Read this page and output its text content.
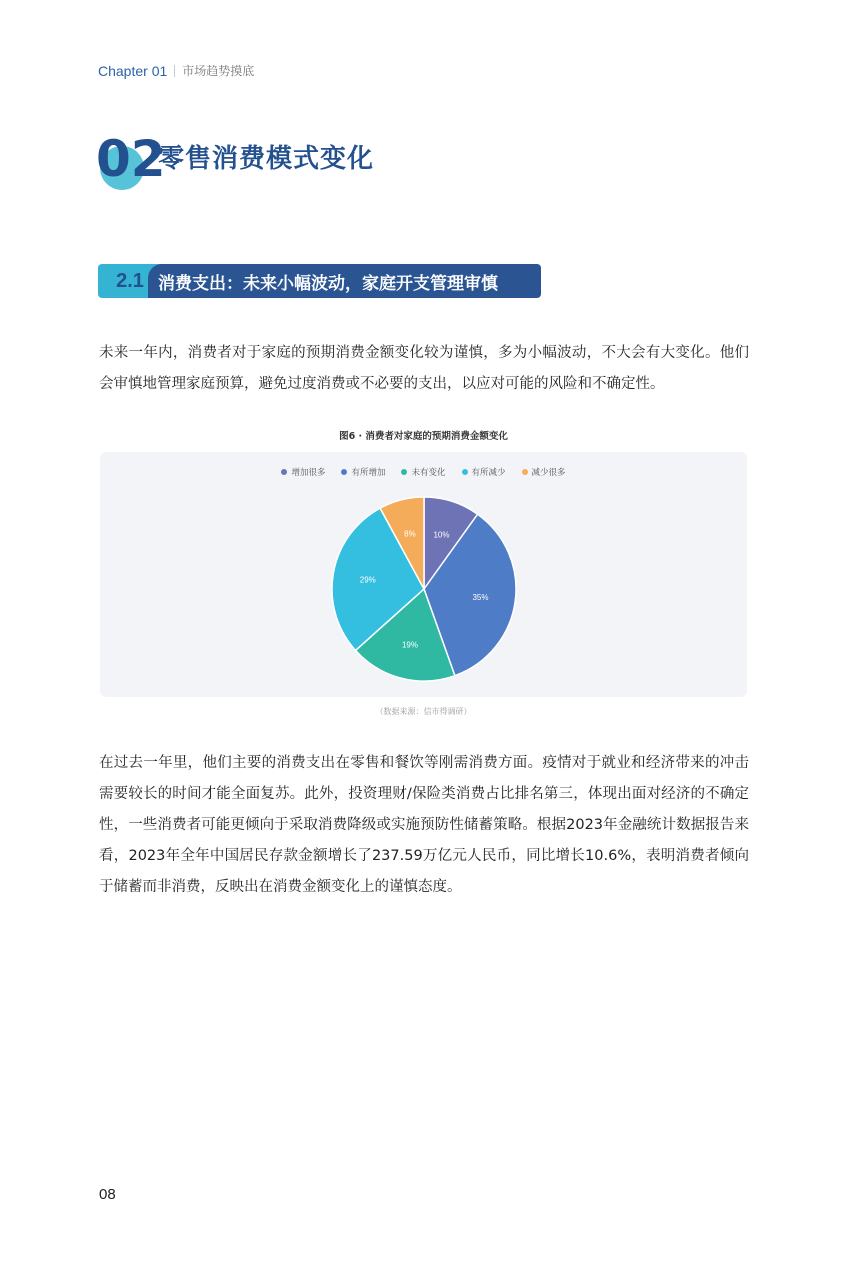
Chapter 01 市场趋势摸底
02
零售消费模式变化
2.1 消费支出：未来小幅波动，家庭开支管理审慎

未来一年内，消费者对于家庭的预期消费金额变化较为谨慎，多为小幅波动，不大会有大变化。他们会审慎地管理家庭预算，避免过度消费或不必要的支出，以应对可能的风险和不确定性。

图6 · 消费者对家庭的预期消费金额变化
增加很多	有所增加	未有变化	有所减少	减少很多
10%
35%
19%
29%
8%
（数据来源：信市得调研）

在过去一年里，他们主要的消费支出在零售和餐饮等刚需消费方面。疫情对于就业和经济带来的冲击需要较长的时间才能全面复苏。此外，投资理财/保险类消费占比排名第三，体现出面对经济的不确定性，一些消费者可能更倾向于采取消费降级或实施预防性储蓄策略。根据2023年金融统计数据报告来看，2023年全年中国居民存款金额增长了237.59万亿元人民币，同比增长10.6%，表明消费者倾向于储蓄而非消费，反映出在消费金额变化上的谨慎态度。

08
